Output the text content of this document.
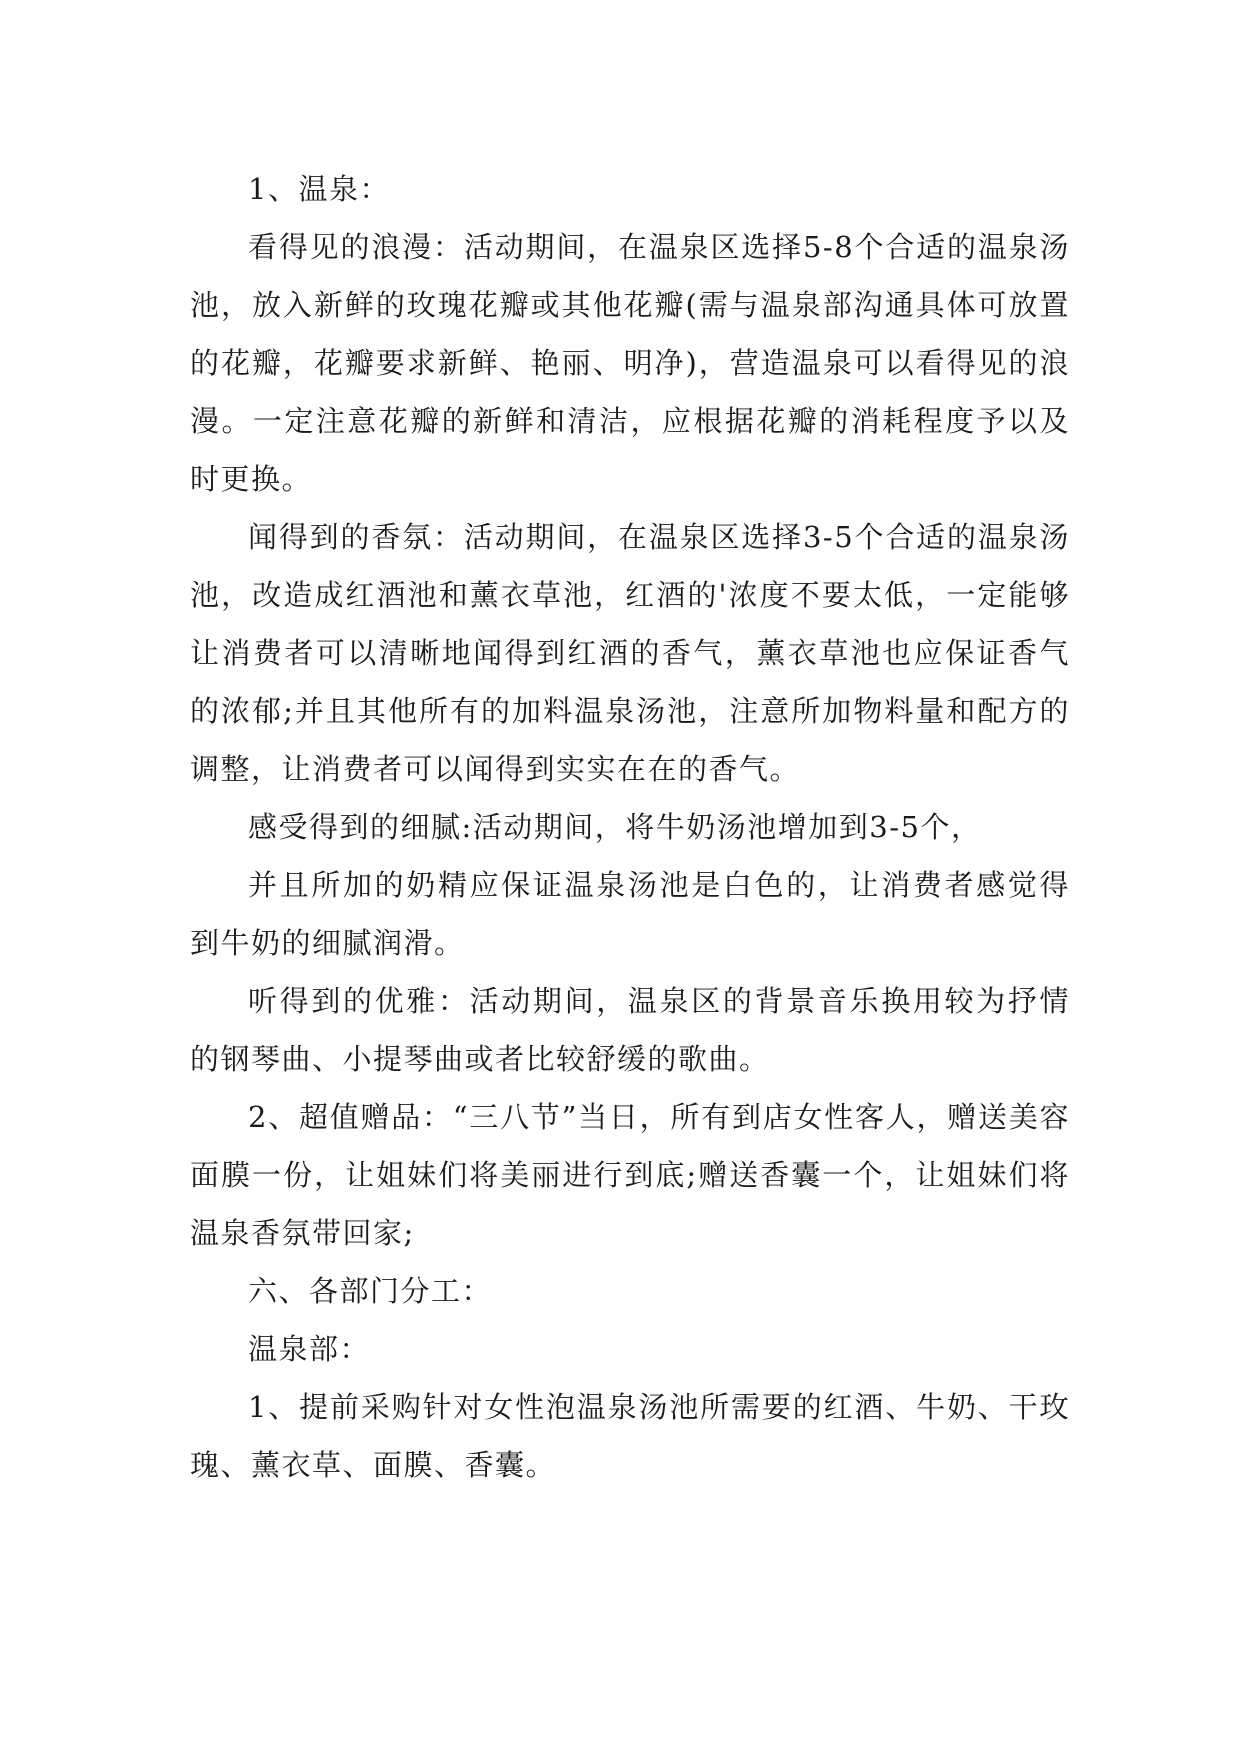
1、温泉：

看得见的浪漫：活动期间，在温泉区选择5-8个合适的温泉汤池，放入新鲜的玫瑰花瓣或其他花瓣(需与温泉部沟通具体可放置的花瓣，花瓣要求新鲜、艳丽、明净)，营造温泉可以看得见的浪漫。一定注意花瓣的新鲜和清洁，应根据花瓣的消耗程度予以及时更换。

闻得到的香氛：活动期间，在温泉区选择3-5个合适的温泉汤池，改造成红酒池和薰衣草池，红酒的'浓度不要太低，一定能够让消费者可以清晰地闻得到红酒的香气，薰衣草池也应保证香气的浓郁;并且其他所有的加料温泉汤池，注意所加物料量和配方的调整，让消费者可以闻得到实实在在的香气。

感受得到的细腻:活动期间，将牛奶汤池增加到3-5个，

并且所加的奶精应保证温泉汤池是白色的，让消费者感觉得到牛奶的细腻润滑。

听得到的优雅：活动期间，温泉区的背景音乐换用较为抒情的钢琴曲、小提琴曲或者比较舒缓的歌曲。

2、超值赠品：“三八节”当日，所有到店女性客人，赠送美容面膜一份，让姐妹们将美丽进行到底;赠送香囊一个，让姐妹们将温泉香氛带回家;

六、各部门分工：

温泉部：

1、提前采购针对女性泡温泉汤池所需要的红酒、牛奶、干玫瑰、薰衣草、面膜、香囊。
